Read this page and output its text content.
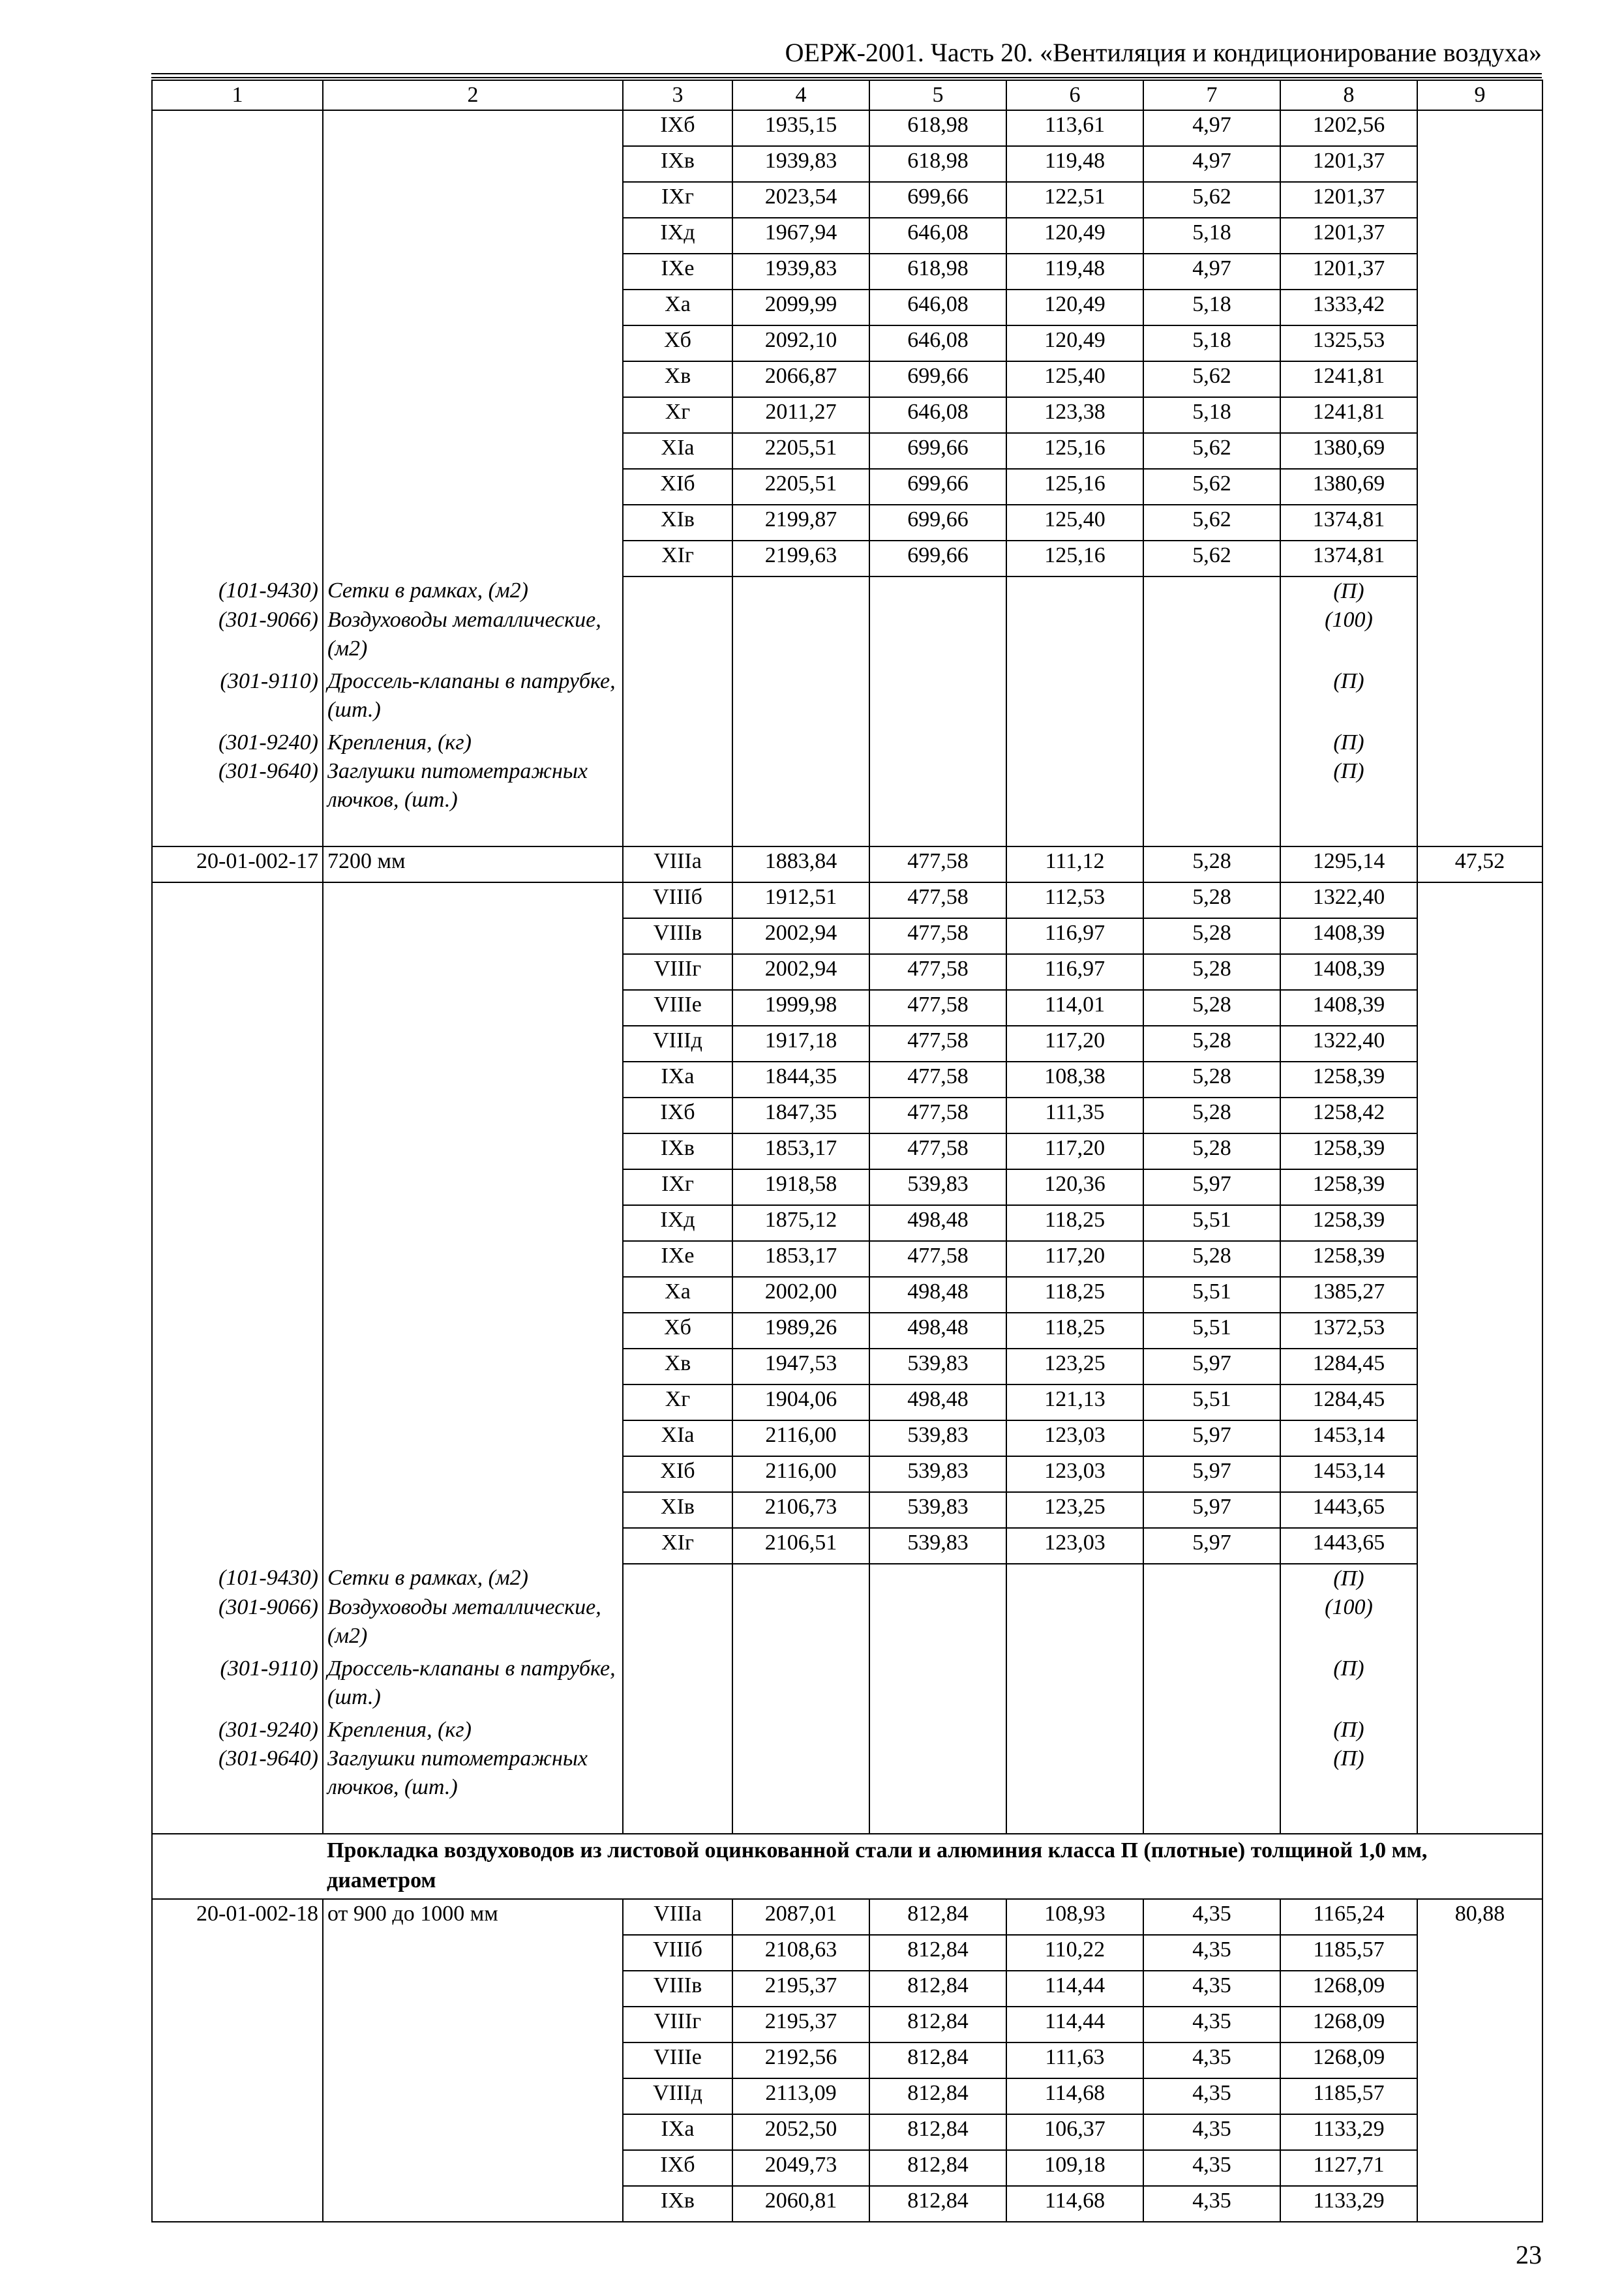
ОЕРЖ-2001. Часть 20. «Вентиляция и кондиционирование воздуха»
1	2	3	4	5	6	7	8	9
		IXб	1935,15	618,98	113,61	4,97	1202,56	
		IXв	1939,83	618,98	119,48	4,97	1201,37	
		IXг	2023,54	699,66	122,51	5,62	1201,37	
		IXд	1967,94	646,08	120,49	5,18	1201,37	
		IXе	1939,83	618,98	119,48	4,97	1201,37	
		Xа	2099,99	646,08	120,49	5,18	1333,42	
		Xб	2092,10	646,08	120,49	5,18	1325,53	
		Xв	2066,87	699,66	125,40	5,62	1241,81	
		Xг	2011,27	646,08	123,38	5,18	1241,81	
		XIа	2205,51	699,66	125,16	5,62	1380,69	
		XIб	2205,51	699,66	125,16	5,62	1380,69	
		XIв	2199,87	699,66	125,40	5,62	1374,81	
		XIг	2199,63	699,66	125,16	5,62	1374,81	
(101-9430)	Сетки в рамках, (м2)						(П)	
(301-9066)	Воздуховоды металлические, (м2)						(100)	
(301-9110)	Дроссель-клапаны в патрубке, (шт.)						(П)	
(301-9240)	Крепления, (кг)						(П)	
(301-9640)	Заглушки питометражных лючков, (шт.)						(П)	
20-01-002-17	7200 мм	VIIIа	1883,84	477,58	111,12	5,28	1295,14	47,52
		VIIIб	1912,51	477,58	112,53	5,28	1322,40	
		VIIIв	2002,94	477,58	116,97	5,28	1408,39	
		VIIIг	2002,94	477,58	116,97	5,28	1408,39	
		VIIIе	1999,98	477,58	114,01	5,28	1408,39	
		VIIIд	1917,18	477,58	117,20	5,28	1322,40	
		IXа	1844,35	477,58	108,38	5,28	1258,39	
		IXб	1847,35	477,58	111,35	5,28	1258,42	
		IXв	1853,17	477,58	117,20	5,28	1258,39	
		IXг	1918,58	539,83	120,36	5,97	1258,39	
		IXд	1875,12	498,48	118,25	5,51	1258,39	
		IXе	1853,17	477,58	117,20	5,28	1258,39	
		Xа	2002,00	498,48	118,25	5,51	1385,27	
		Xб	1989,26	498,48	118,25	5,51	1372,53	
		Xв	1947,53	539,83	123,25	5,97	1284,45	
		Xг	1904,06	498,48	121,13	5,51	1284,45	
		XIа	2116,00	539,83	123,03	5,97	1453,14	
		XIб	2116,00	539,83	123,03	5,97	1453,14	
		XIв	2106,73	539,83	123,25	5,97	1443,65	
		XIг	2106,51	539,83	123,03	5,97	1443,65	
(101-9430)	Сетки в рамках, (м2)						(П)	
(301-9066)	Воздуховоды металлические, (м2)						(100)	
(301-9110)	Дроссель-клапаны в патрубке, (шт.)						(П)	
(301-9240)	Крепления, (кг)						(П)	
(301-9640)	Заглушки питометражных лючков, (шт.)						(П)	
	Прокладка воздуховодов из листовой оцинкованной стали и алюминия класса П (плотные) толщиной 1,0 мм, диаметром							
20-01-002-18	от 900 до 1000 мм	VIIIа	2087,01	812,84	108,93	4,35	1165,24	80,88
		VIIIб	2108,63	812,84	110,22	4,35	1185,57	
		VIIIв	2195,37	812,84	114,44	4,35	1268,09	
		VIIIг	2195,37	812,84	114,44	4,35	1268,09	
		VIIIе	2192,56	812,84	111,63	4,35	1268,09	
		VIIIд	2113,09	812,84	114,68	4,35	1185,57	
		IXа	2052,50	812,84	106,37	4,35	1133,29	
		IXб	2049,73	812,84	109,18	4,35	1127,71	
		IXв	2060,81	812,84	114,68	4,35	1133,29	
23
